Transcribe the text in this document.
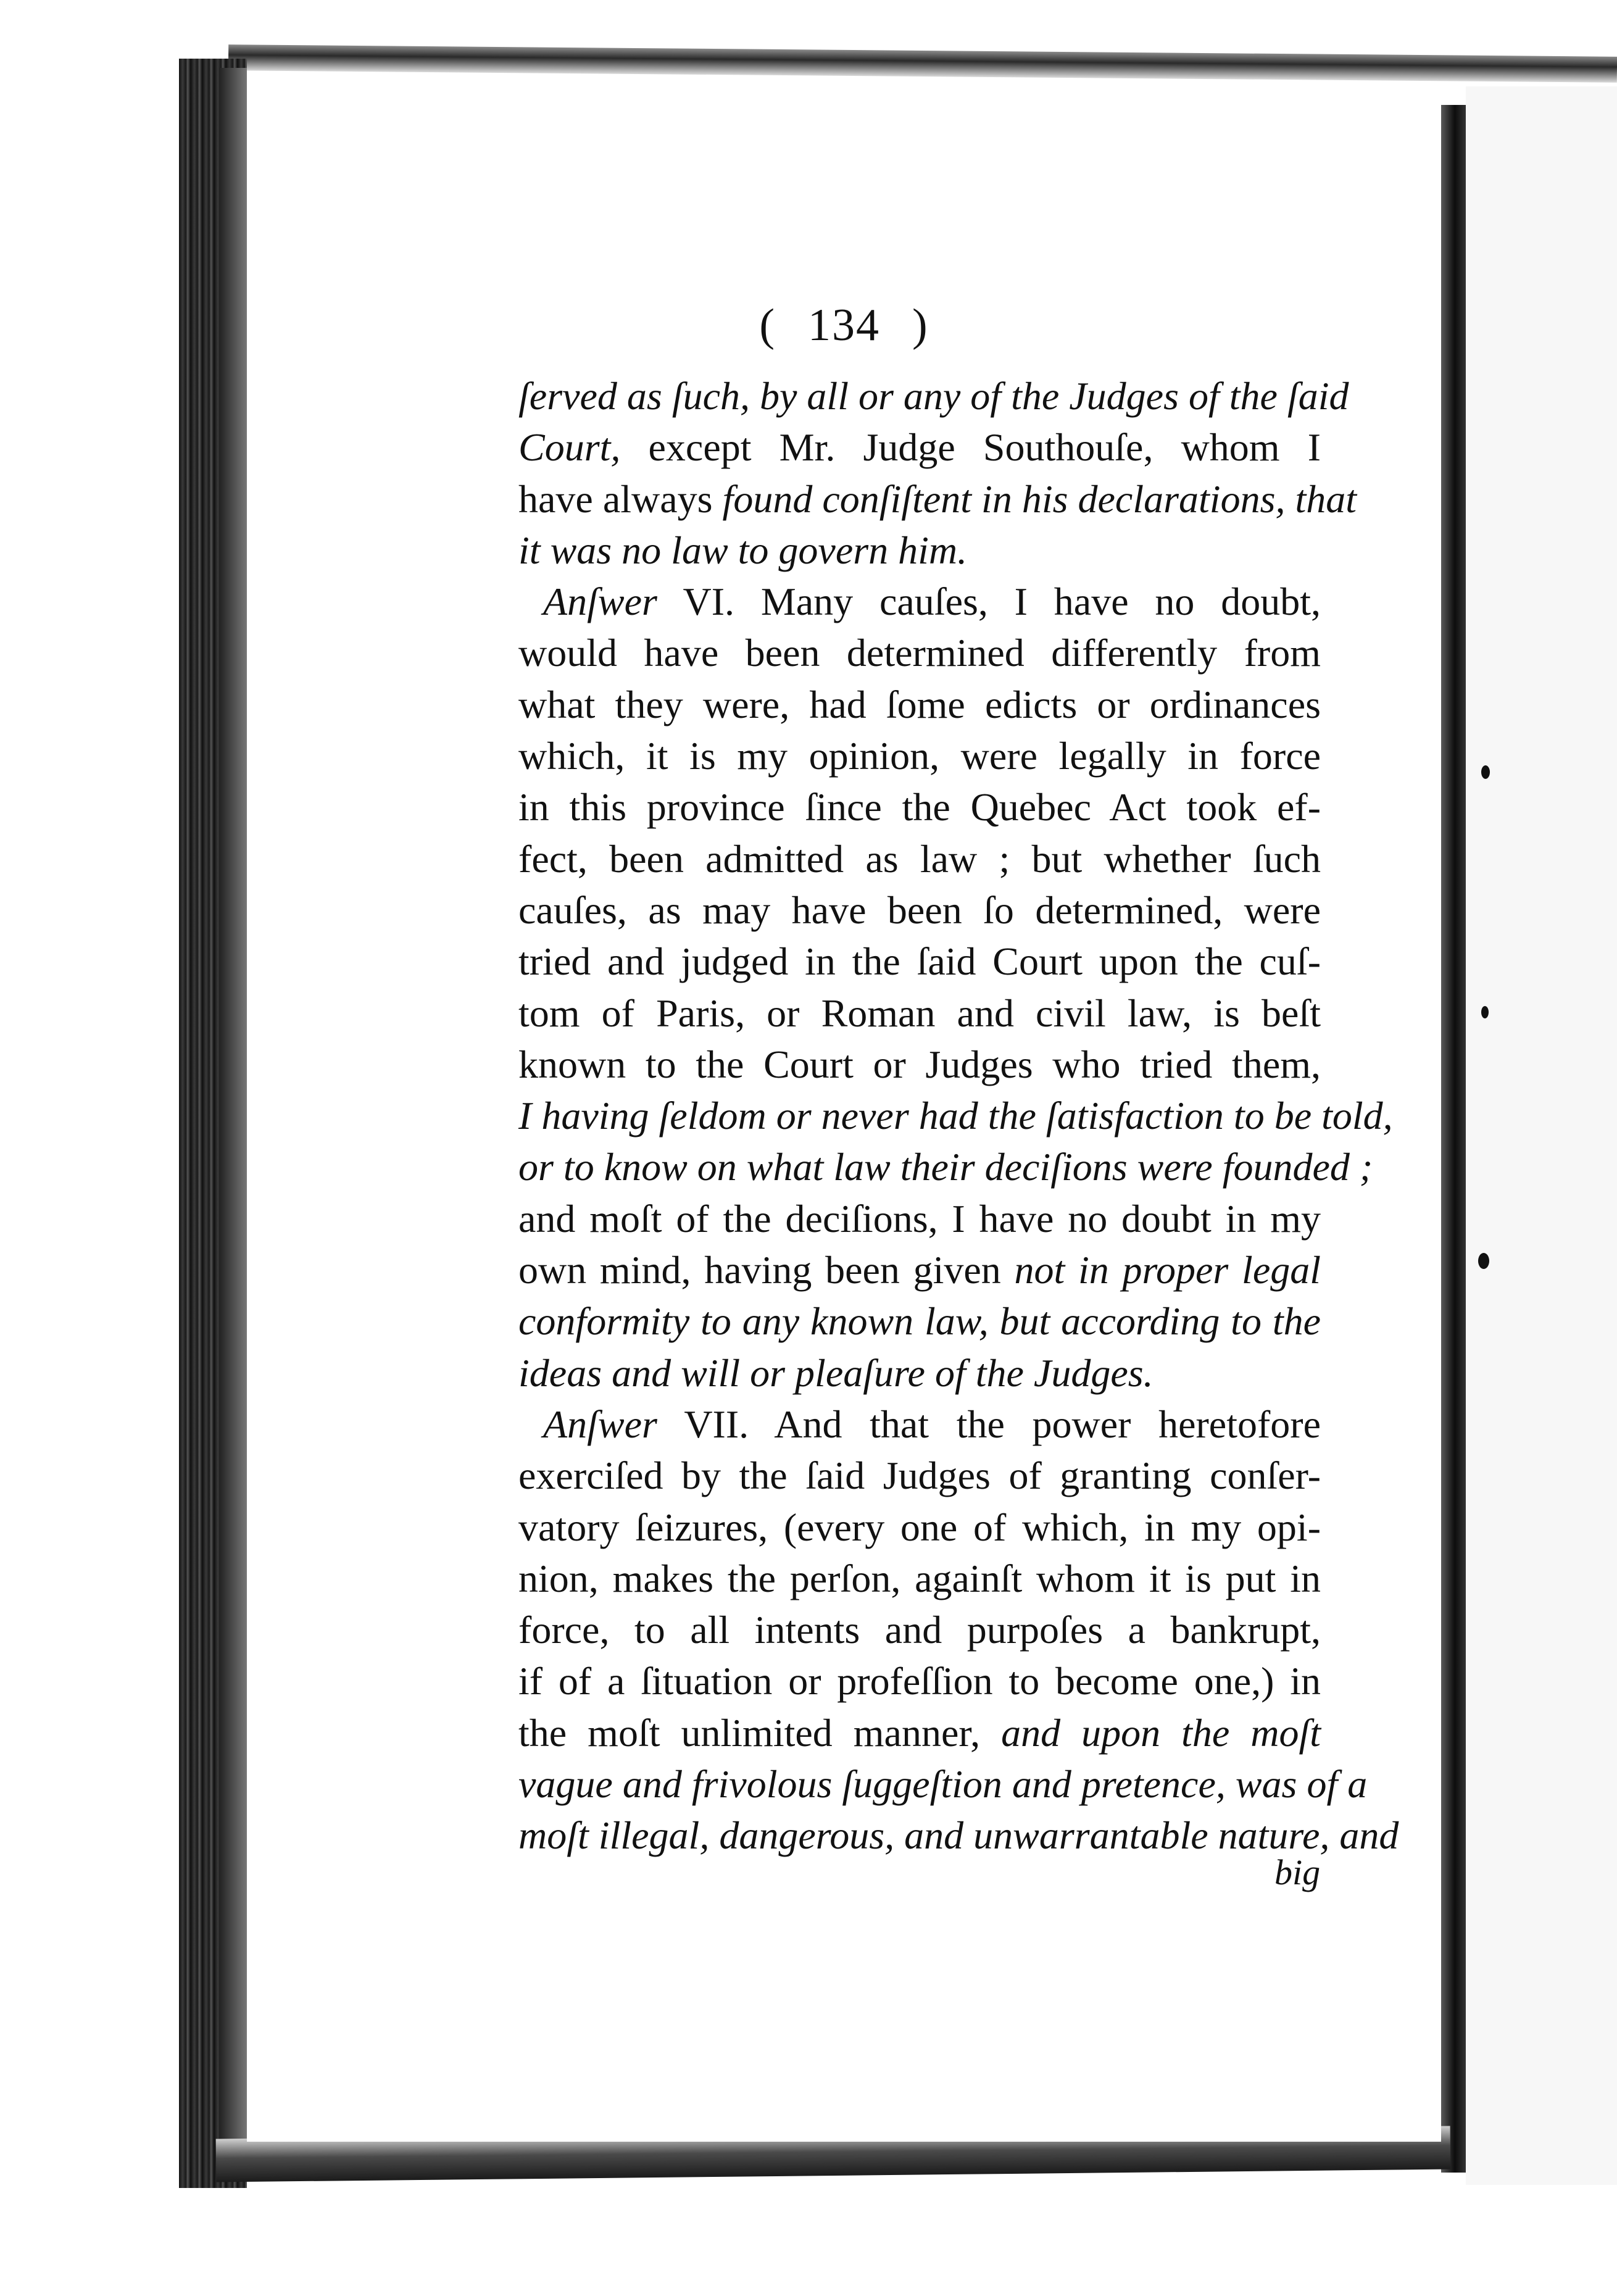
( 134 )
ſerved as ſuch, by all or any of the Judges of the ſaid
Court, except Mr. Judge Southouſe, whom I
have always found conſiſtent in his declarations, that
it was no law to govern him.
Anſwer VI. Many cauſes, I have no doubt,
would have been determined differently from
what they were, had ſome edicts or ordinances
which, it is my opinion, were legally in force
in this province ſince the Quebec Act took ef-
fect, been admitted as law ; but whether ſuch
cauſes, as may have been ſo determined, were
tried and judged in the ſaid Court upon the cuſ-
tom of Paris, or Roman and civil law, is beſt
known to the Court or Judges who tried them,
I having ſeldom or never had the ſatisfaction to be told,
or to know on what law their deciſions were founded ;
and moſt of the deciſions, I have no doubt in my
own mind, having been given not in proper legal
conformity to any known law, but according to the
ideas and will or pleaſure of the Judges.
Anſwer VII. And that the power heretofore
exerciſed by the ſaid Judges of granting conſer-
vatory ſeizures, (every one of which, in my opi-
nion, makes the perſon, againſt whom it is put in
force, to all intents and purpoſes a bankrupt,
if of a ſituation or profeſſion to become one,) in
the moſt unlimited manner, and upon the moſt
vague and frivolous ſuggeſtion and pretence, was of a
moſt illegal, dangerous, and unwarrantable nature, and
big
